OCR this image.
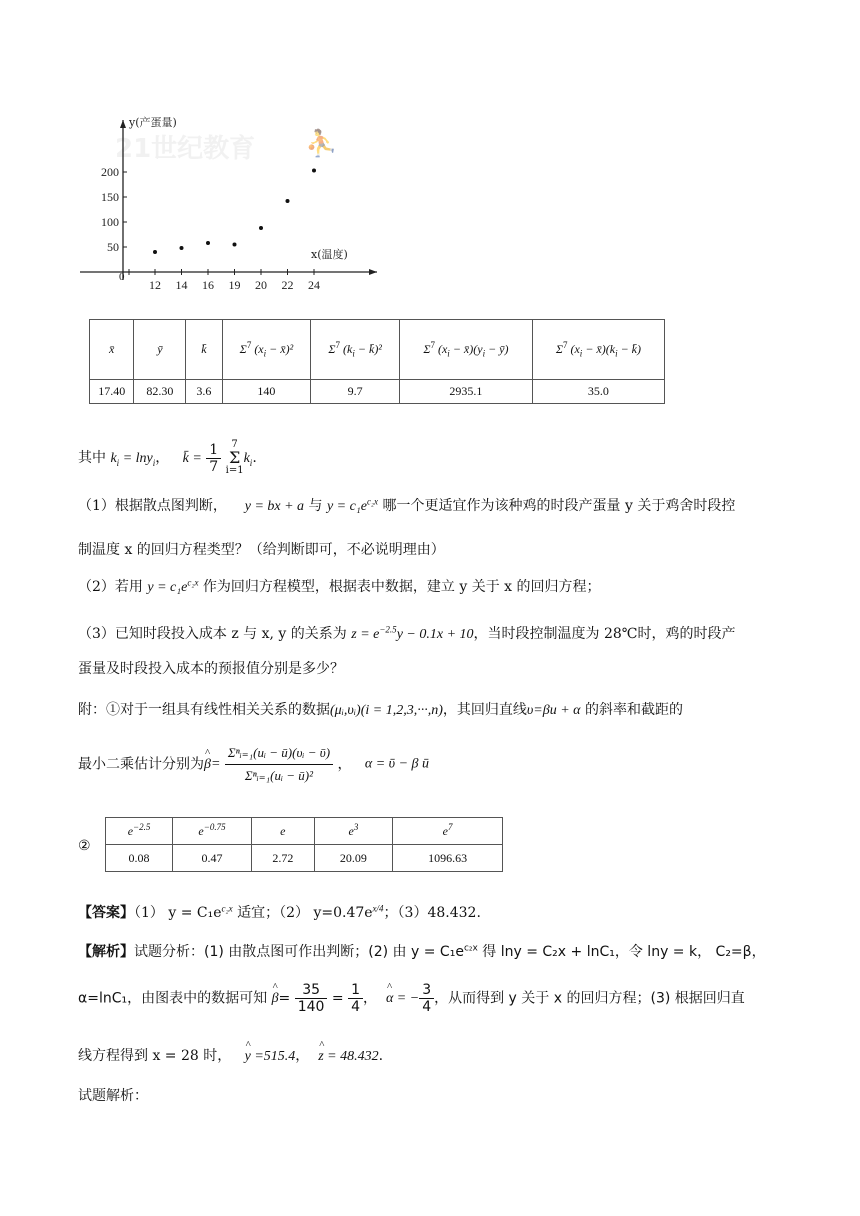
21世纪教育 ⛹
y(产蛋量)
x(温度)
0
200
150
100
50
12 14 16 19 20 22 24
x̄	ȳ	k̄	$\Sigma^7$ ($x_i$ − x̄)²	$\Sigma^7$ ($k_i$ − k̄)²	$\Sigma^7$ ($x_i$ − $x̄)(y_i$ − ȳ)	$\Sigma^7$ ($x_i$ − $x̄)(k_i$ − k̄)
17.40	82.30	3.6	140	9.7	2935.1	35.0
其中 $k_i = \ln y_i$，   k̄ = $\frac{1}{7}$
	7
Σ
i=1
$k_i$.
（1）根据散点图判断， y = bx + a 与 $y = c_1e^{c_2x}$ 哪一个更适宜作为该种鸡的时段产蛋量 y 关于鸡舍时段控
制温度 x 的回归方程类型？（给判断即可，不必说明理由）
（2）若用 $y = c_1e^{c_2x}$ 作为回归方程模型，根据表中数据，建立 y 关于 x 的回归方程；
（3）已知时段投入成本 z 与 x, y 的关系为 $z = e^{-2.5}y - 0.1x + 10$，当时段控制温度为 28℃时，鸡的时段产
蛋量及时段投入成本的预报值分别是多少？
附：①对于一组具有线性相关关系的数据(μᵢ,υᵢ)(i = 1,2,3,···,n)，其回归直线υ=βu + α 的斜率和截距的
最小二乘估计分别为^ $\beta= \frac{\text{Σⁿᵢ₌₁(uᵢ − ū)(υᵢ − ῡ)}}{\text{Σⁿᵢ₌₁(uᵢ − ū)²}}$ ，   α = ῡ − β ū
②
$e^{-2.5}$	$e^{-0.75}$	e	$e^3$	$e^7$
0.08	0.47	2.72	20.09	1096.63
【答案】（1） $y = C_1e^{c_2x}$ 适宜；（2） $y=0.47e^{x/4}$；（3）48.432.
【解析】试题分析：(1) 由散点图可作出判断；(2) 由 $y = C_1e^{c_2x}$ 得 lny = C₂x + lnC₁，令 lny = k， C₂=β，
α=lnC₁，由图表中的数据可知 ^ $\beta= \frac{35}{140} = \frac{1}{4}$ ，  ^ α = − $\frac{3}{4}$ ，从而得到 y 关于 x 的回归方程；(3) 根据回归直
线方程得到 x = 28 时， ^ y =515.4， ^ z = 48.432.
试题解析：
